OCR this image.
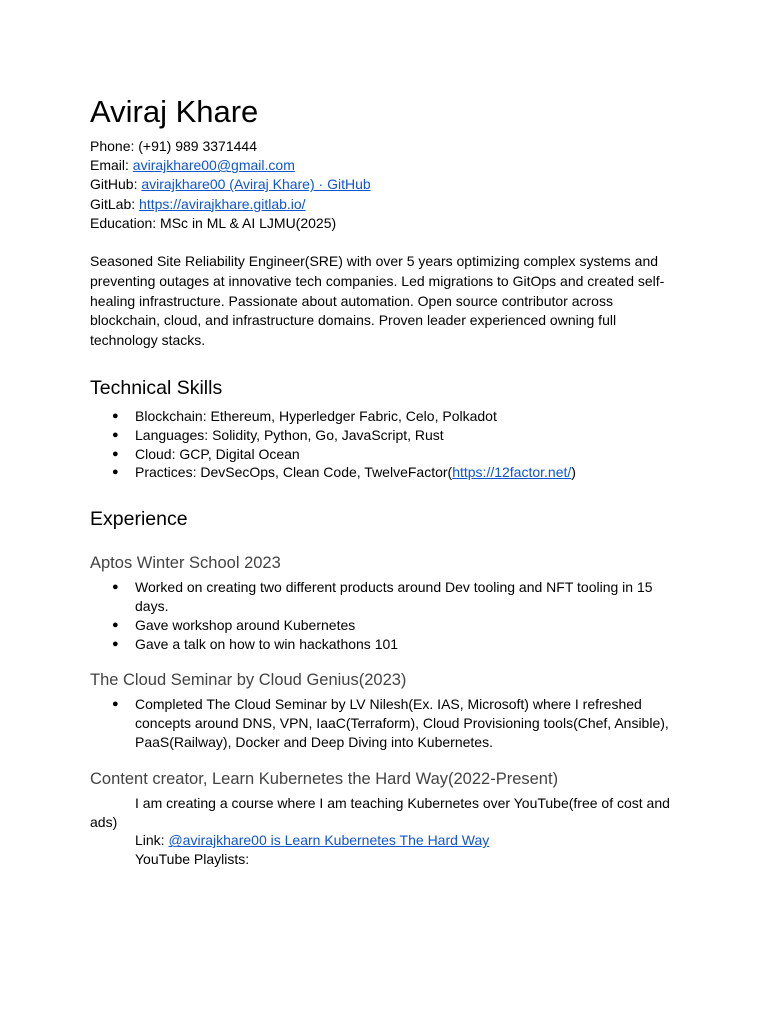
Aviraj Khare
Phone: (+91) 989 3371444
Email: avirajkhare00@gmail.com
GitHub: avirajkhare00 (Aviraj Khare) · GitHub
GitLab: https://avirajkhare.gitlab.io/
Education: MSc in ML & AI LJMU(2025)
Seasoned Site Reliability Engineer(SRE) with over 5 years optimizing complex systems and preventing outages at innovative tech companies. Led migrations to GitOps and created self-healing infrastructure. Passionate about automation. Open source contributor across blockchain, cloud, and infrastructure domains. Proven leader experienced owning full technology stacks.
Technical Skills
● Blockchain: Ethereum, Hyperledger Fabric, Celo, Polkadot
● Languages: Solidity, Python, Go, JavaScript, Rust
● Cloud: GCP, Digital Ocean
● Practices: DevSecOps, Clean Code, TwelveFactor(https://12factor.net/)
Experience
Aptos Winter School 2023
● Worked on creating two different products around Dev tooling and NFT tooling in 15 days.
● Gave workshop around Kubernetes
● Gave a talk on how to win hackathons 101
The Cloud Seminar by Cloud Genius(2023)
● Completed The Cloud Seminar by LV Nilesh(Ex. IAS, Microsoft) where I refreshed concepts around DNS, VPN, IaaC(Terraform), Cloud Provisioning tools(Chef, Ansible), PaaS(Railway), Docker and Deep Diving into Kubernetes.
Content creator, Learn Kubernetes the Hard Way(2022-Present)
I am creating a course where I am teaching Kubernetes over YouTube(free of cost and ads)
Link: @avirajkhare00 is Learn Kubernetes The Hard Way
YouTube Playlists:
